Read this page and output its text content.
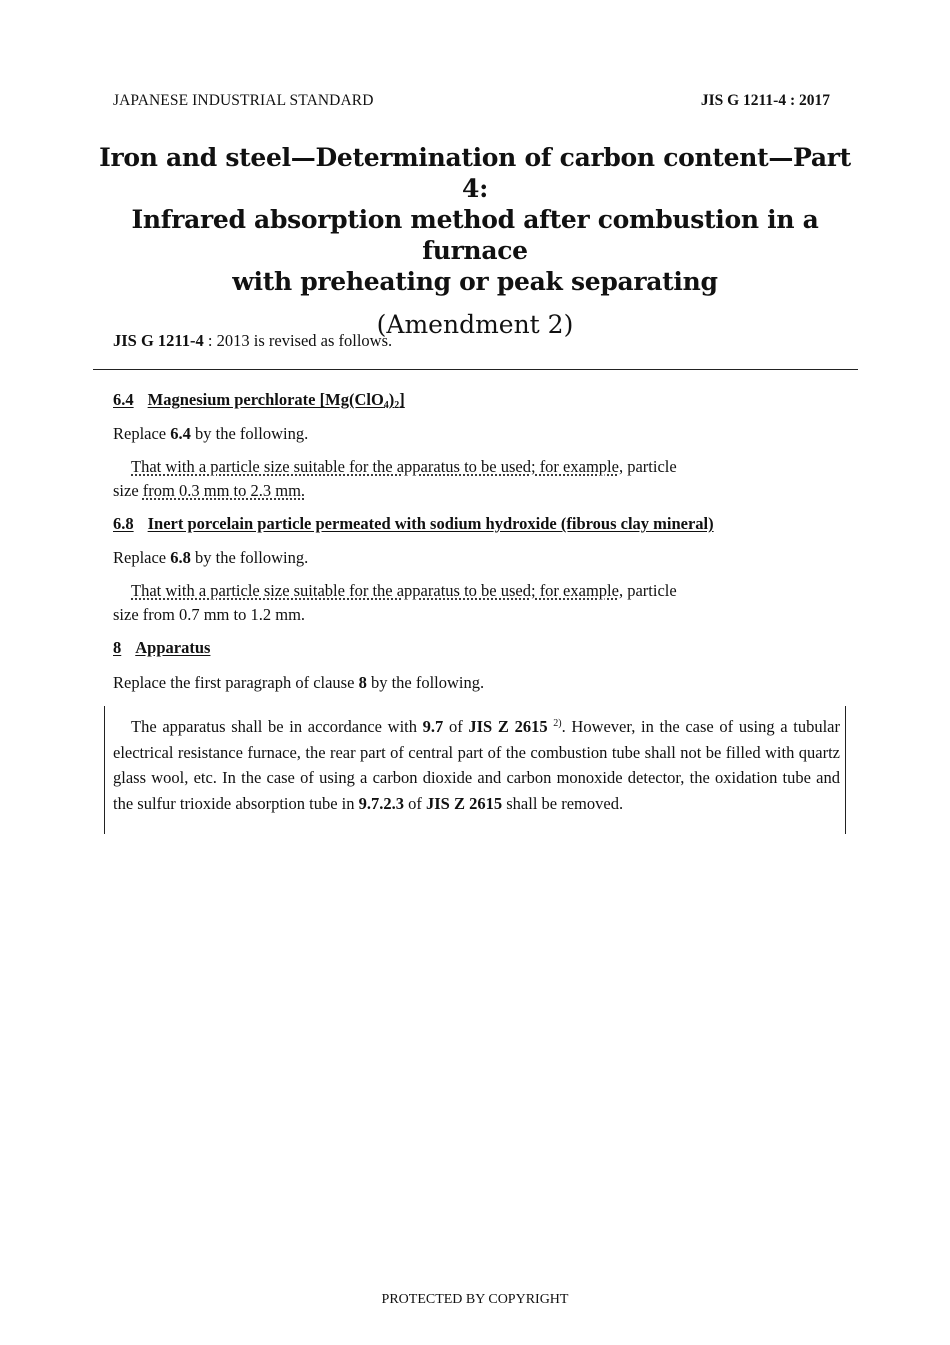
JAPANESE INDUSTRIAL STANDARD	JIS G 1211-4 : 2017
Iron and steel—Determination of carbon content—Part 4:
Infrared absorption method after combustion in a furnace
with preheating or peak separating
(Amendment 2)
JIS G 1211-4 : 2013 is revised as follows.
6.4 Magnesium perchlorate $[Mg(ClO_4)_2]$
Replace 6.4 by the following.
That with a particle size suitable for the apparatus to be used; for example, particle
size from 0.3 mm to 2.3 mm.
6.8 Inert porcelain particle permeated with sodium hydroxide (fibrous clay mineral)
Replace 6.8 by the following.
That with a particle size suitable for the apparatus to be used; for example, particle
size from 0.7 mm to 1.2 mm.
8 Apparatus
Replace the first paragraph of clause 8 by the following.
The apparatus shall be in accordance with 9.7 of JIS Z 2615 $^{2)}$. However, in the case of using a tubular electrical resistance furnace, the rear part of central part of the combustion tube shall not be filled with quartz glass wool, etc. In the case of using a carbon dioxide and carbon monoxide detector, the oxidation tube and the sulfur trioxide absorption tube in 9.7.2.3 of JIS Z 2615 shall be removed.
PROTECTED BY COPYRIGHT
